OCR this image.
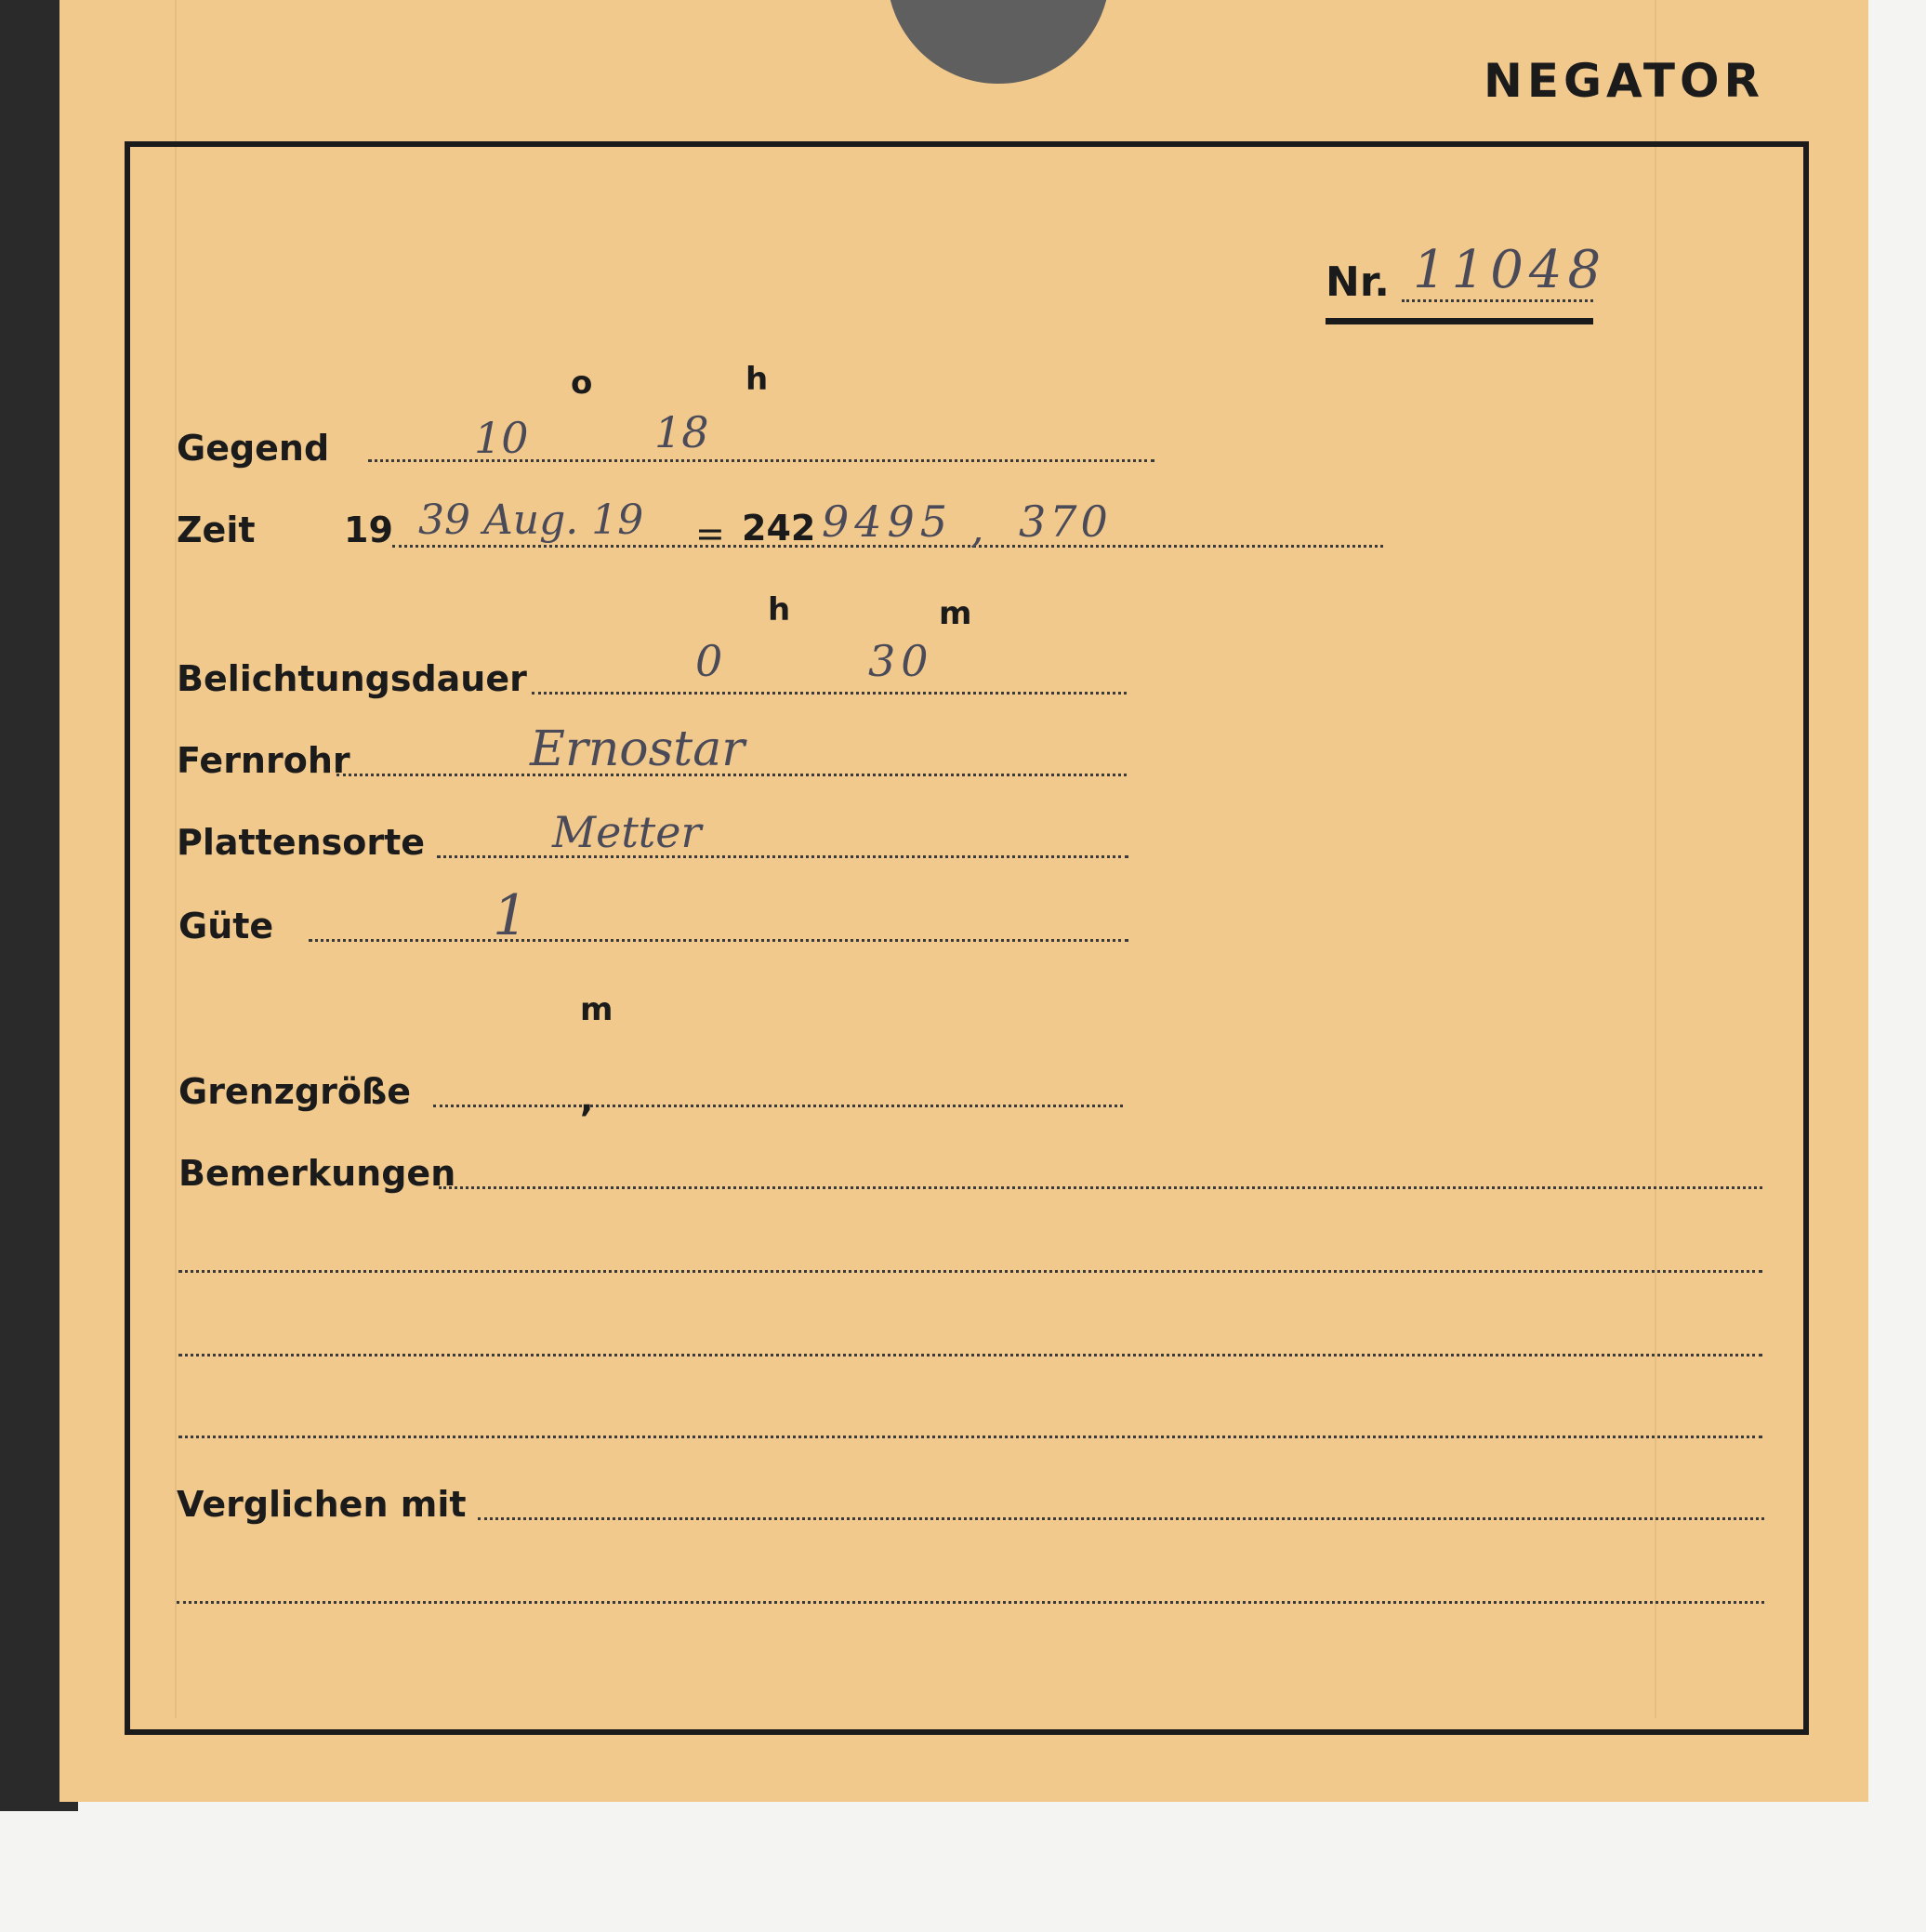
NEGATOR
Nr. 11048
o	h
Gegend	10	18
Zeit	19 39 Aug. 19 = 242 9495 , 370
h	m
Belichtungsdauer	0	30
Fernrohr	Ernostar
Plattensorte	Metter
Güte	1
m
Grenzgröße	,
Bemerkungen
Verglichen mit
